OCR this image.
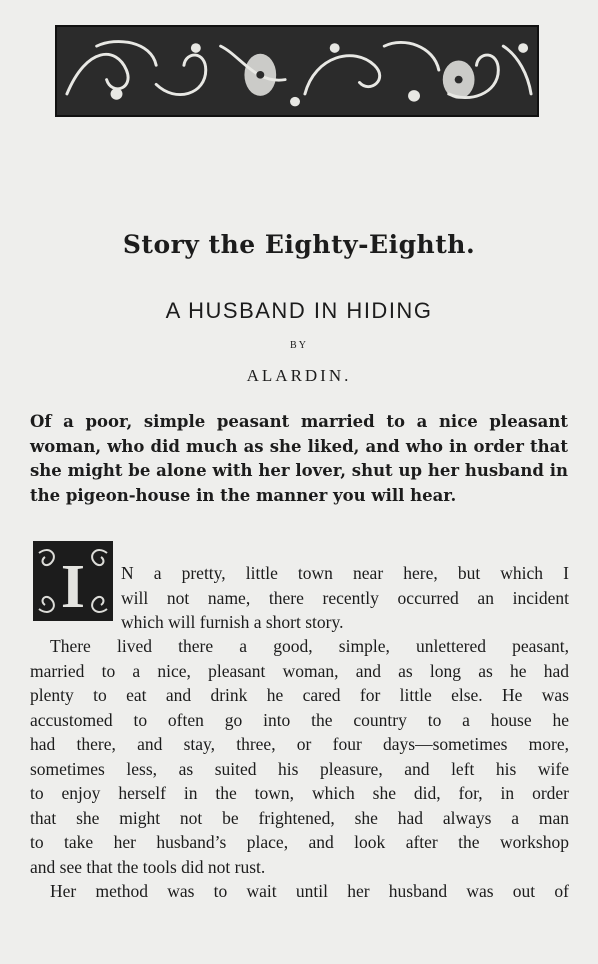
Story the Eighty-Eighth.
A HUSBAND IN HIDING
BY
ALARDIN.
Of a poor, simple peasant married to a nice pleasant woman, who did much as she liked, and who in order that she might be alone with her lover, shut up her husband in the pigeon-house in the manner you will hear.
I N a pretty, little town near here, but which I
will not name, there recently occurred an incident
which will furnish a short story.
There lived there a good, simple, unlettered peasant,
married to a nice, pleasant woman, and as long as he had
plenty to eat and drink he cared for little else. He was
accustomed to often go into the country to a house he
had there, and stay, three, or four days—sometimes more,
sometimes less, as suited his pleasure, and left his wife
to enjoy herself in the town, which she did, for, in order
that she might not be frightened, she had always a man
to take her husband’s place, and look after the workshop
and see that the tools did not rust.
Her method was to wait until her husband was out of
